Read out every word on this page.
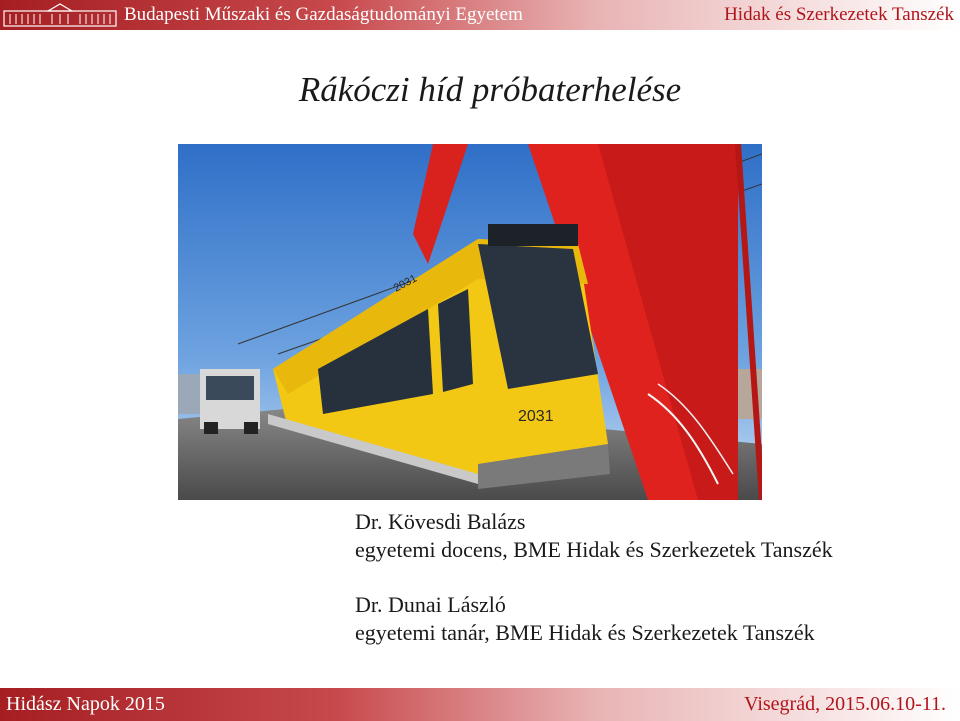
Budapesti Műszaki és Gazdaságtudományi Egyetem	Hidak és Szerkezetek Tanszék
Rákóczi híd próbaterhelése
2031
2031

Dr. Kövesdi Balázs

egyetemi docens, BME Hidak és Szerkezetek Tanszék

Dr. Dunai László

egyetemi tanár, BME Hidak és Szerkezetek Tanszék

Hidász Napok 2015	Visegrád, 2015.06.10-11.
